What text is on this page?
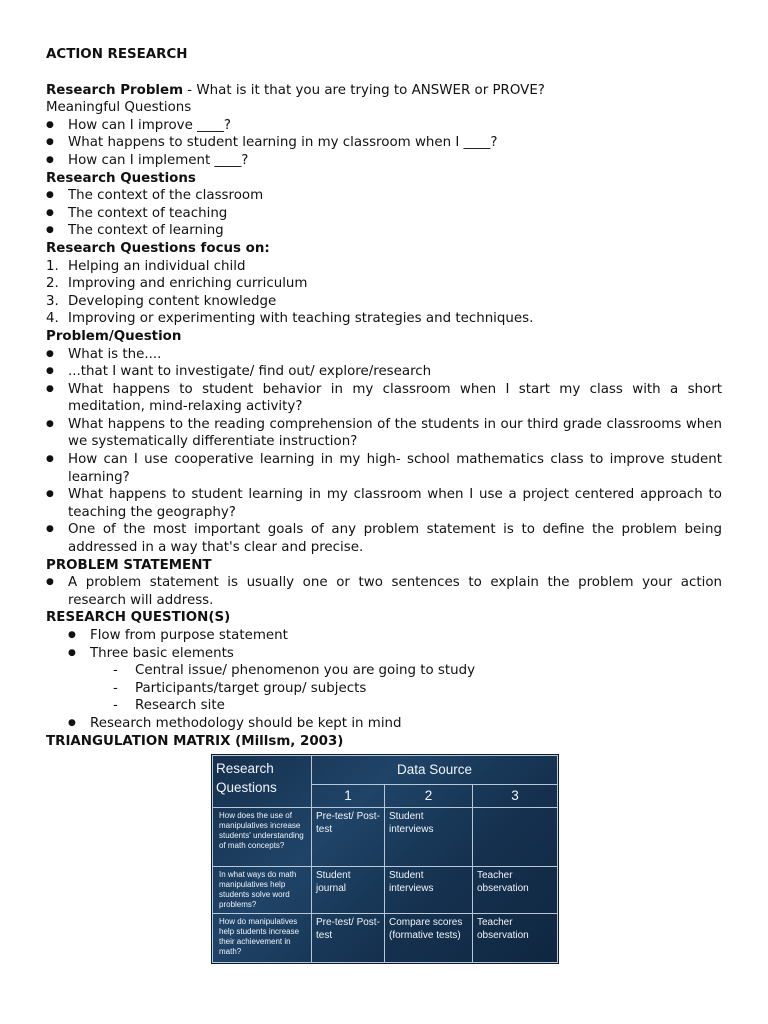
ACTION RESEARCH
Research Problem - What is it that you are trying to ANSWER or PROVE?
Meaningful Questions
● How can I improve ____?
● What happens to student learning in my classroom when I ____?
● How can I implement ____?
Research Questions
● The context of the classroom
● The context of teaching
● The context of learning
Research Questions focus on:
1. Helping an individual child
2. Improving and enriching curriculum
3. Developing content knowledge
4. Improving or experimenting with teaching strategies and techniques.
Problem/Question
● What is the....
● ...that I want to investigate/ find out/ explore/research
● What happens to student behavior in my classroom when I start my class with a short meditation, mind-relaxing activity?
● What happens to the reading comprehension of the students in our third grade classrooms when we systematically differentiate instruction?
● How can I use cooperative learning in my high- school mathematics class to improve student learning?
● What happens to student learning in my classroom when I use a project centered approach to teaching the geography?
● One of the most important goals of any problem statement is to define the problem being addressed in a way that's clear and precise.
PROBLEM STATEMENT
● A problem statement is usually one or two sentences to explain the problem your action research will address.
RESEARCH QUESTION(S)
● Flow from purpose statement
● Three basic elements
- Central issue/ phenomenon you are going to study
- Participants/target group/ subjects
- Research site
● Research methodology should be kept in mind
TRIANGULATION MATRIX (Millsm, 2003)
Research Questions	Data Source		
	1	2	3
How does the use of manipulatives increase students' understanding of math concepts?	Pre-test/ Post-test	Student interviews	
In what ways do math manipulatives help students solve word problems?	Student journal	Student interviews	Teacher observation
How do manipulatives help students increase their achievement in math?	Pre-test/ Post-test	Compare scores (formative tests)	Teacher observation
